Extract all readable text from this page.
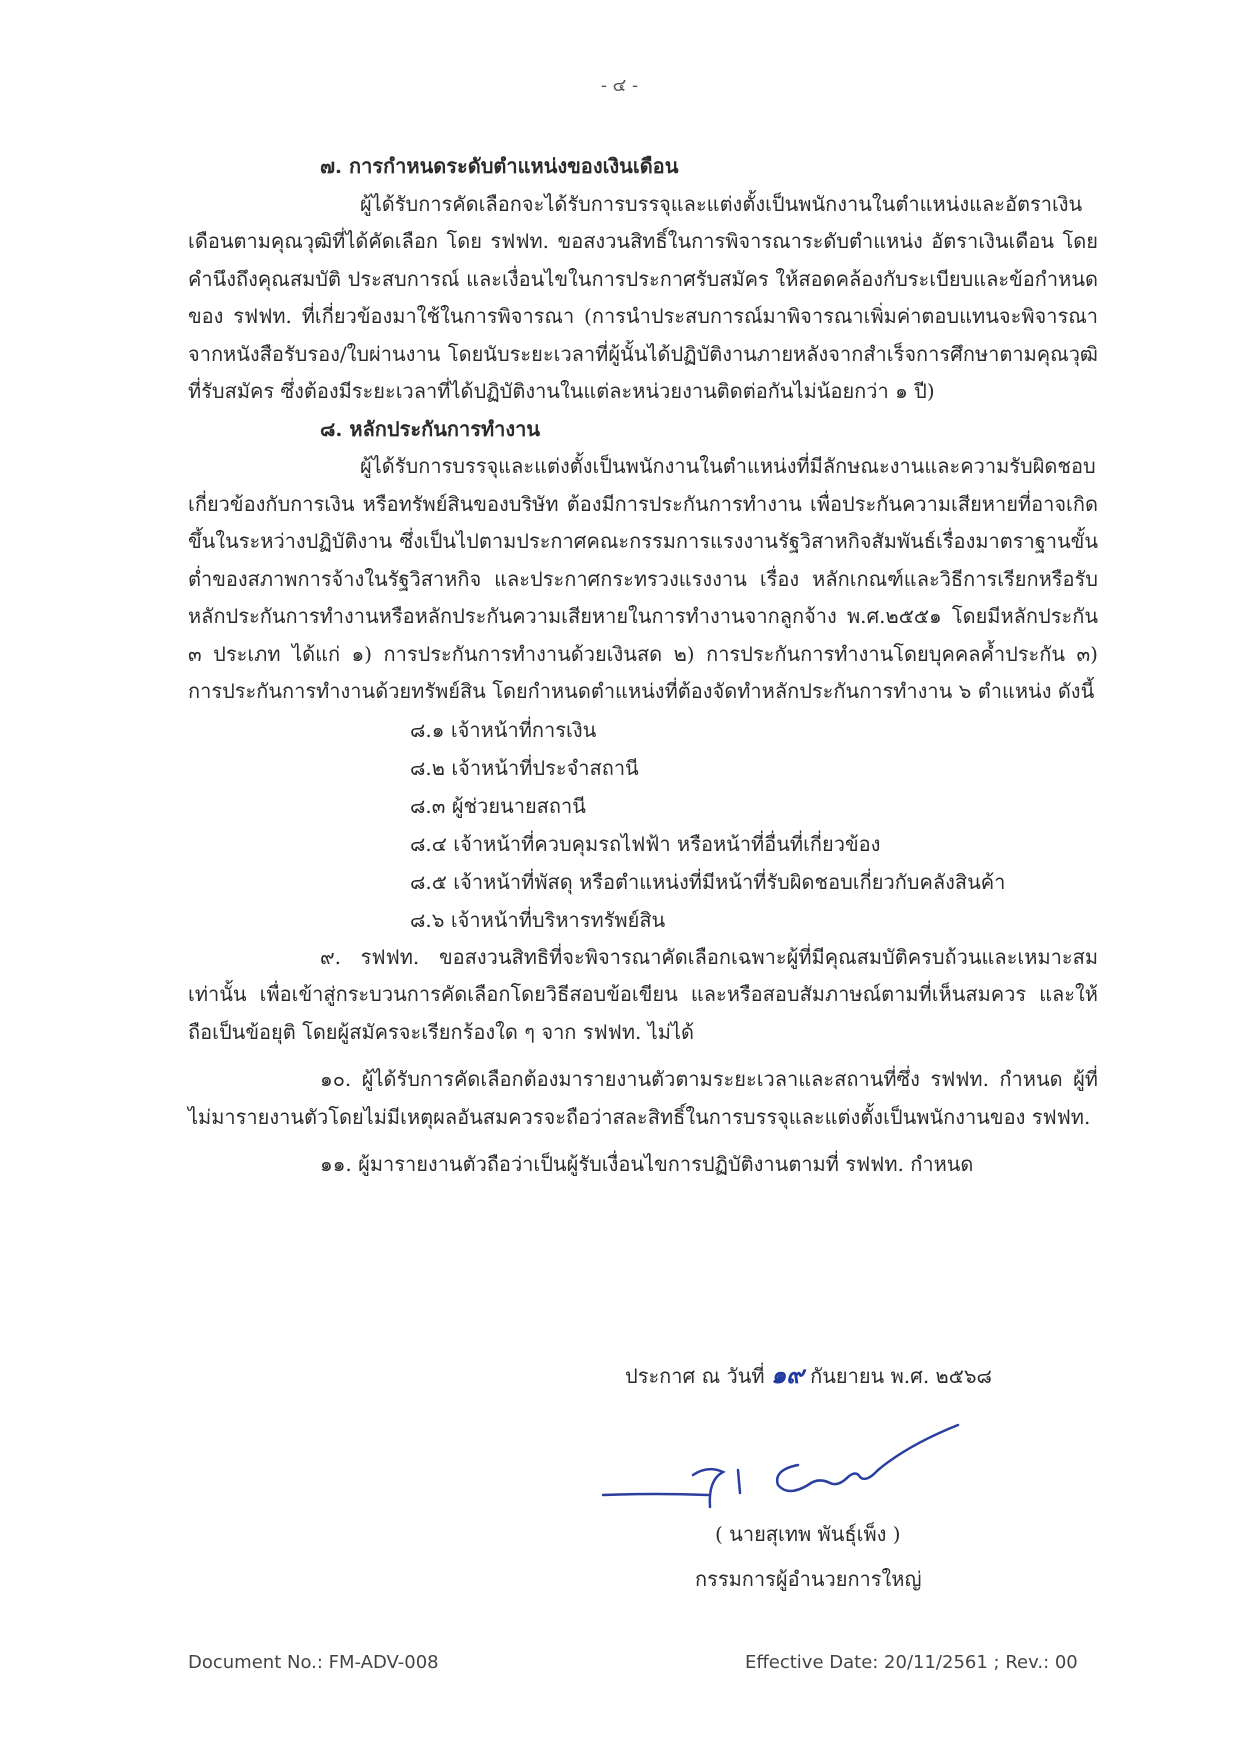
- ๔ -
๗. การกำหนดระดับตำแหน่งของเงินเดือน

ผู้ได้รับการคัดเลือกจะได้รับการบรรจุและแต่งตั้งเป็นพนักงานในตำแหน่งและอัตราเงินเดือนตามคุณวุฒิที่ได้คัดเลือก โดย รฟฟท. ขอสงวนสิทธิ์ในการพิจารณาระดับตำแหน่ง อัตราเงินเดือน โดยคำนึงถึงคุณสมบัติ ประสบการณ์ และเงื่อนไขในการประกาศรับสมัคร ให้สอดคล้องกับระเบียบและข้อกำหนดของ รฟฟท. ที่เกี่ยวข้องมาใช้ในการพิจารณา (การนำประสบการณ์มาพิจารณาเพิ่มค่าตอบแทนจะพิจารณาจากหนังสือรับรอง/ใบผ่านงาน โดยนับระยะเวลาที่ผู้นั้นได้ปฏิบัติงานภายหลังจากสำเร็จการศึกษาตามคุณวุฒิที่รับสมัคร ซึ่งต้องมีระยะเวลาที่ได้ปฏิบัติงานในแต่ละหน่วยงานติดต่อกันไม่น้อยกว่า ๑ ปี)

๘. หลักประกันการทำงาน

ผู้ได้รับการบรรจุและแต่งตั้งเป็นพนักงานในตำแหน่งที่มีลักษณะงานและความรับผิดชอบเกี่ยวข้องกับการเงิน หรือทรัพย์สินของบริษัท ต้องมีการประกันการทำงาน เพื่อประกันความเสียหายที่อาจเกิดขึ้นในระหว่างปฏิบัติงาน ซึ่งเป็นไปตามประกาศคณะกรรมการแรงงานรัฐวิสาหกิจสัมพันธ์เรื่องมาตราฐานขั้นต่ำของสภาพการจ้างในรัฐวิสาหกิจ และประกาศกระทรวงแรงงาน เรื่อง หลักเกณฑ์และวิธีการเรียกหรือรับหลักประกันการทำงานหรือหลักประกันความเสียหายในการทำงานจากลูกจ้าง พ.ศ.๒๕๕๑ โดยมีหลักประกัน ๓ ประเภท ได้แก่ ๑) การประกันการทำงานด้วยเงินสด ๒) การประกันการทำงานโดยบุคคลค้ำประกัน ๓) การประกันการทำงานด้วยทรัพย์สิน โดยกำหนดตำแหน่งที่ต้องจัดทำหลักประกันการทำงาน ๖ ตำแหน่ง ดังนี้

๘.๑ เจ้าหน้าที่การเงิน
๘.๒ เจ้าหน้าที่ประจำสถานี
๘.๓ ผู้ช่วยนายสถานี
๘.๔ เจ้าหน้าที่ควบคุมรถไฟฟ้า หรือหน้าที่อื่นที่เกี่ยวข้อง
๘.๕ เจ้าหน้าที่พัสดุ หรือตำแหน่งที่มีหน้าที่รับผิดชอบเกี่ยวกับคลังสินค้า
๘.๖ เจ้าหน้าที่บริหารทรัพย์สิน

๙. รฟฟท. ขอสงวนสิทธิที่จะพิจารณาคัดเลือกเฉพาะผู้ที่มีคุณสมบัติครบถ้วนและเหมาะสมเท่านั้น เพื่อเข้าสู่กระบวนการคัดเลือกโดยวิธีสอบข้อเขียน และหรือสอบสัมภาษณ์ตามที่เห็นสมควร และให้ถือเป็นข้อยุติ โดยผู้สมัครจะเรียกร้องใด ๆ จาก รฟฟท. ไม่ได้

๑๐. ผู้ได้รับการคัดเลือกต้องมารายงานตัวตามระยะเวลาและสถานที่ซึ่ง รฟฟท. กำหนด ผู้ที่ไม่มารายงานตัวโดยไม่มีเหตุผลอันสมควรจะถือว่าสละสิทธิ์ในการบรรจุและแต่งตั้งเป็นพนักงานของ รฟฟท.

๑๑. ผู้มารายงานตัวถือว่าเป็นผู้รับเงื่อนไขการปฏิบัติงานตามที่ รฟฟท. กำหนด

ประกาศ ณ วันที่ ๑๙ กันยายน พ.ศ. ๒๕๖๘
( นายสุเทพ พันธุ์เพ็ง )
กรรมการผู้อำนวยการใหญ่
Document No.: FM-ADV-008	Effective Date: 20/11/2561 ; Rev.: 00
